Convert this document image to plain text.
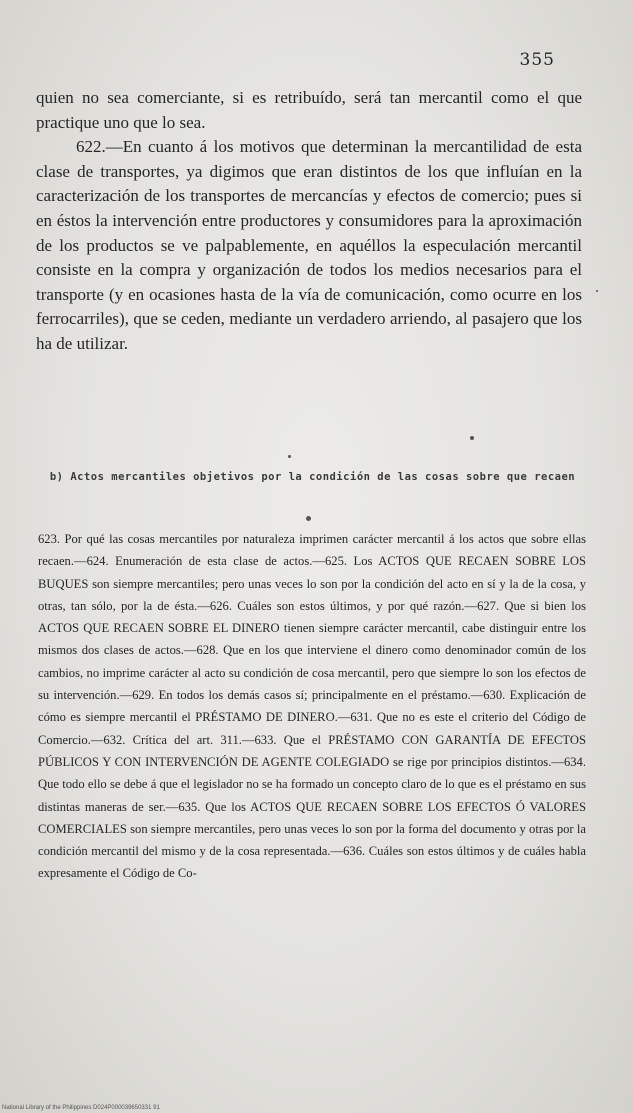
355

quien no sea comerciante, si es retribuído, será tan mercantil como el que practique uno que lo sea.

622.—En cuanto á los motivos que determinan la mercantilidad de esta clase de transportes, ya digimos que eran distintos de los que influían en la caracterización de los transportes de mercancías y efectos de comercio; pues si en éstos la intervención entre productores y consumidores para la aproximación de los productos se ve palpablemente, en aquéllos la especulación mercantil consiste en la compra y organización de todos los medios necesarios para el transporte (y en ocasiones hasta de la vía de comunicación, como ocurre en los ferrocarriles), que se ceden, mediante un verdadero arriendo, al pasajero que los ha de utilizar.

b) Actos mercantiles objetivos por la condición de las cosas sobre que recaen

623. Por qué las cosas mercantiles por naturaleza imprimen carácter mercantil á los actos que sobre ellas recaen.—624. Enumeración de esta clase de actos.—625. Los ACTOS QUE RECAEN SOBRE LOS BUQUES son siempre mercantiles; pero unas veces lo son por la condición del acto en sí y la de la cosa, y otras, tan sólo, por la de ésta.—626. Cuáles son estos últimos, y por qué razón.—627. Que si bien los ACTOS QUE RECAEN SOBRE EL DINERO tienen siempre carácter mercantil, cabe distinguir entre los mismos dos clases de actos.—628. Que en los que interviene el dinero como denominador común de los cambios, no imprime carácter al acto su condición de cosa mercantil, pero que siempre lo son los efectos de su intervención.—629. En todos los demás casos sí; principalmente en el préstamo.—630. Explicación de cómo es siempre mercantil el PRÉSTAMO DE DINERO.—631. Que no es este el criterio del Código de Comercio.—632. Crítica del art. 311.—633. Que el PRÉSTAMO CON GARANTÍA DE EFECTOS PÚBLICOS Y CON INTERVENCIÓN DE AGENTE COLEGIADO se rige por principios distintos.—634. Que todo ello se debe á que el legislador no se ha formado un concepto claro de lo que es el préstamo en sus distintas maneras de ser.—635. Que los ACTOS QUE RECAEN SOBRE LOS EFECTOS Ó VALORES COMERCIALES son siempre mercantiles, pero unas veces lo son por la forma del documento y otras por la condición mercantil del mismo y de la cosa representada.—636. Cuáles son estos últimos y de cuáles habla expresamente el Código de Co-

National Library of the Philippines D024P000039650331 91
